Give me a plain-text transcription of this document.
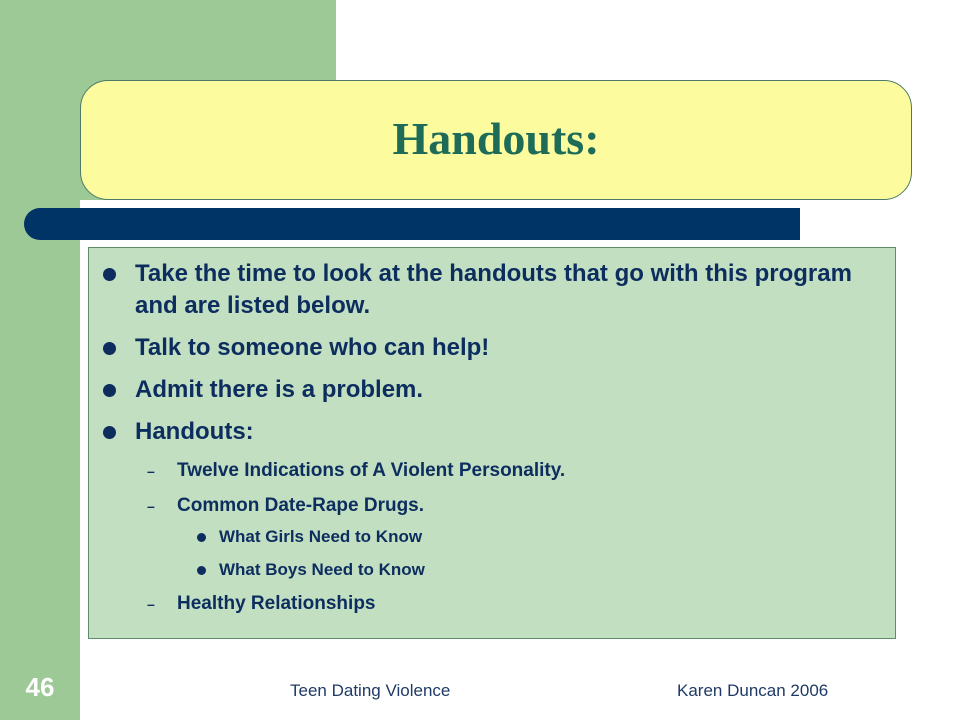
Handouts:
Take the time to look at the handouts that go with this program and are listed below.
Talk to someone who can help!
Admit there is a problem.
Handouts:
– Twelve Indications of A Violent Personality.
– Common Date-Rape Drugs.
What Girls Need to Know
What Boys Need to Know
– Healthy Relationships
46	Teen Dating Violence	Karen Duncan 2006
